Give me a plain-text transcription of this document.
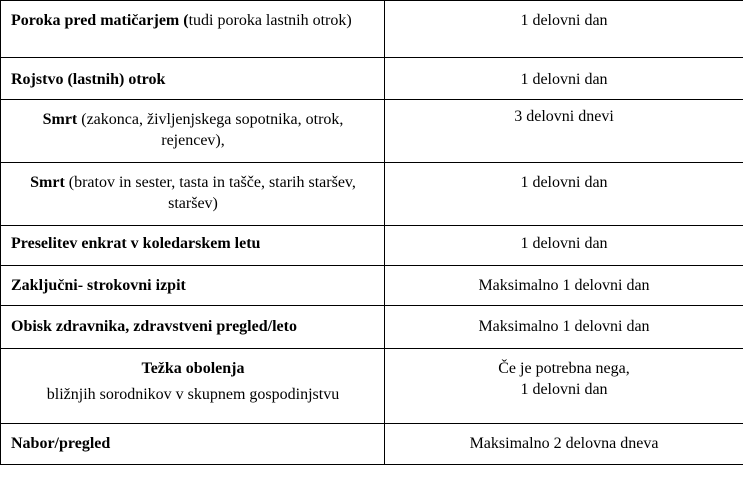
Poroka pred matičarjem (tudi poroka lastnih otrok)	1 delovni dan

Rojstvo (lastnih) otrok	1 delovni dan

Smrt (zakonca, življenjskega sopotnika, otrok, rejencev),	3 delovni dnevi

Smrt (bratov in sester, tasta in tašče, starih staršev, staršev)	1 delovni dan

Preselitev enkrat v koledarskem letu	1 delovni dan

Zaključni- strokovni izpit	Maksimalno 1 delovni dan

Obisk zdravnika, zdravstveni pregled/leto	Maksimalno 1 delovni dan

Težka obolenja
bližnjih sorodnikov v skupnem gospodinjstvu	Če je potrebna nega,
1 delovni dan

Nabor/pregled	Maksimalno 2 delovna dneva
